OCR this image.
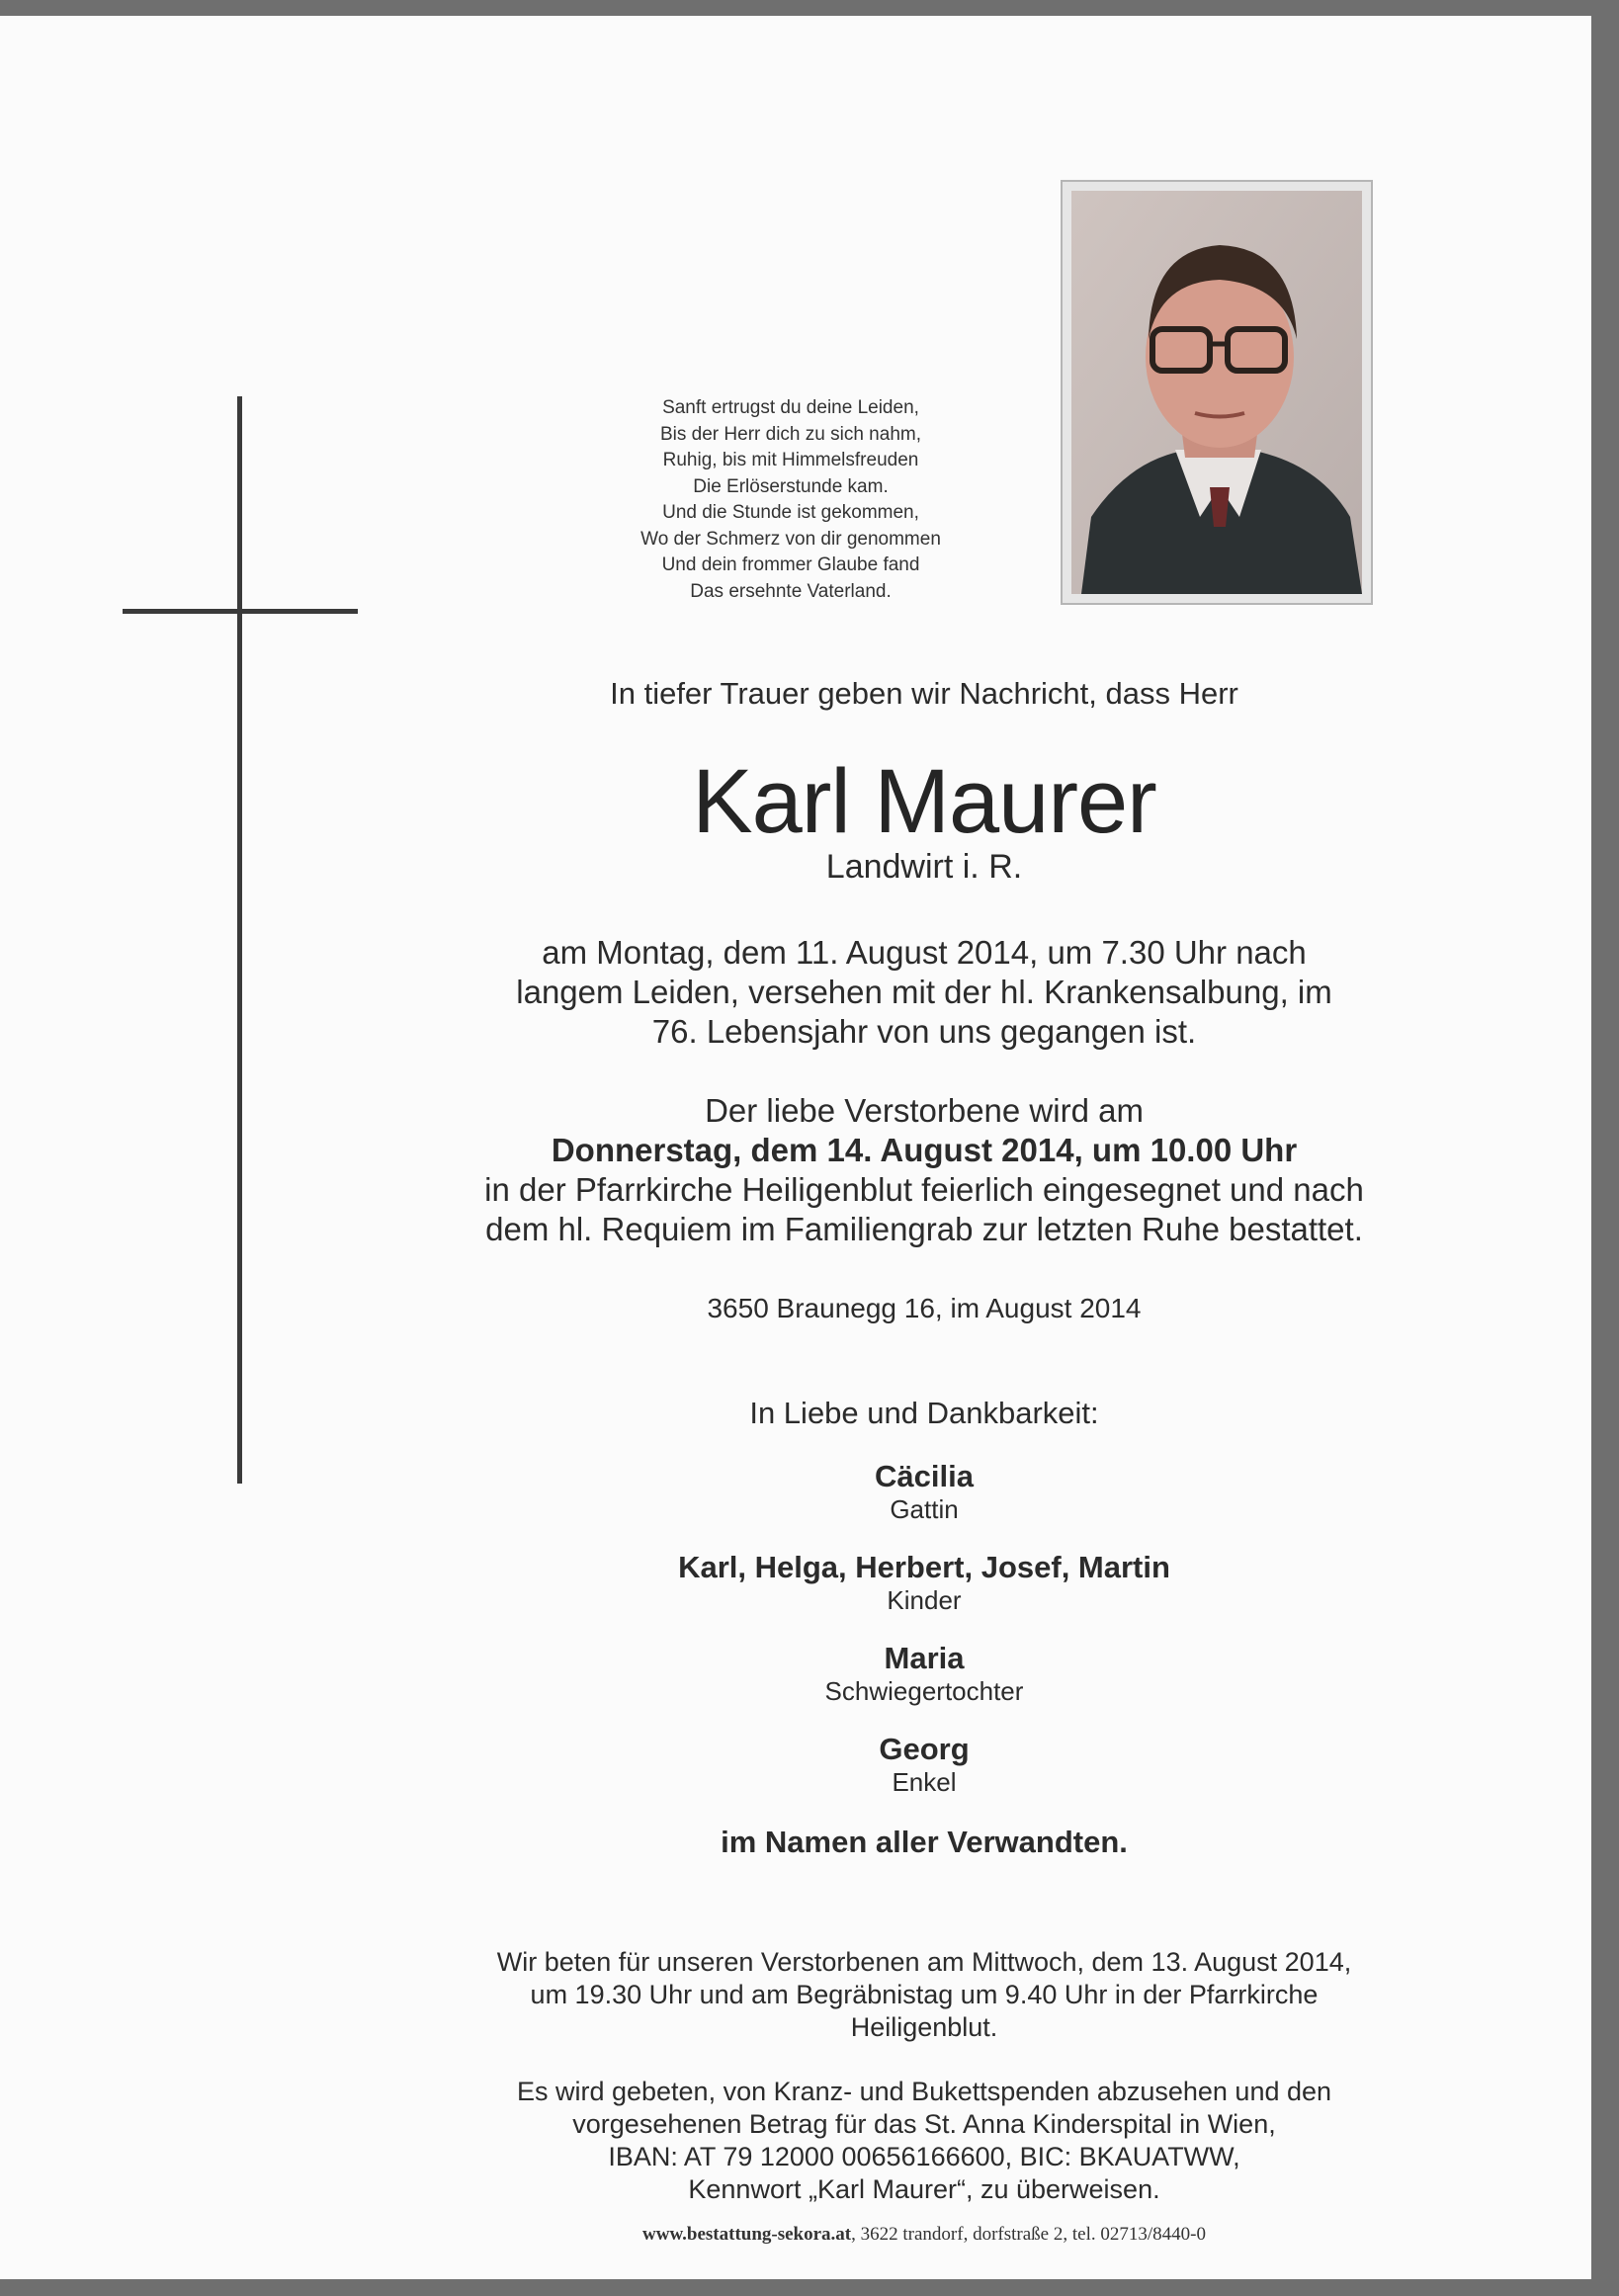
Sanft ertrugst du deine Leiden,
Bis der Herr dich zu sich nahm,
Ruhig, bis mit Himmelsfreuden
Die Erlöserstunde kam.
Und die Stunde ist gekommen,
Wo der Schmerz von dir genommen
Und dein frommer Glaube fand
Das ersehnte Vaterland.
In tiefer Trauer geben wir Nachricht, dass Herr
Karl Maurer
Landwirt i. R.
am Montag, dem 11. August 2014, um 7.30 Uhr nach
langem Leiden, versehen mit der hl. Krankensalbung, im
76. Lebensjahr von uns gegangen ist.
Der liebe Verstorbene wird am
Donnerstag, dem 14. August 2014, um 10.00 Uhr
in der Pfarrkirche Heiligenblut feierlich eingesegnet und nach
dem hl. Requiem im Familiengrab zur letzten Ruhe bestattet.
3650 Braunegg 16, im August 2014
In Liebe und Dankbarkeit:
Cäcilia
Gattin
Karl, Helga, Herbert, Josef, Martin
Kinder
Maria
Schwiegertochter
Georg
Enkel
im Namen aller Verwandten.
Wir beten für unseren Verstorbenen am Mittwoch, dem 13. August 2014,
um 19.30 Uhr und am Begräbnistag um 9.40 Uhr in der Pfarrkirche
Heiligenblut.
Es wird gebeten, von Kranz- und Bukettspenden abzusehen und den
vorgesehenen Betrag für das St. Anna Kinderspital in Wien,
IBAN: AT 79 12000 00656166600, BIC: BKAUATWW,
Kennwort „Karl Maurer“, zu überweisen.
www.bestattung-sekora.at, 3622 trandorf, dorfstraße 2, tel. 02713/8440-0
